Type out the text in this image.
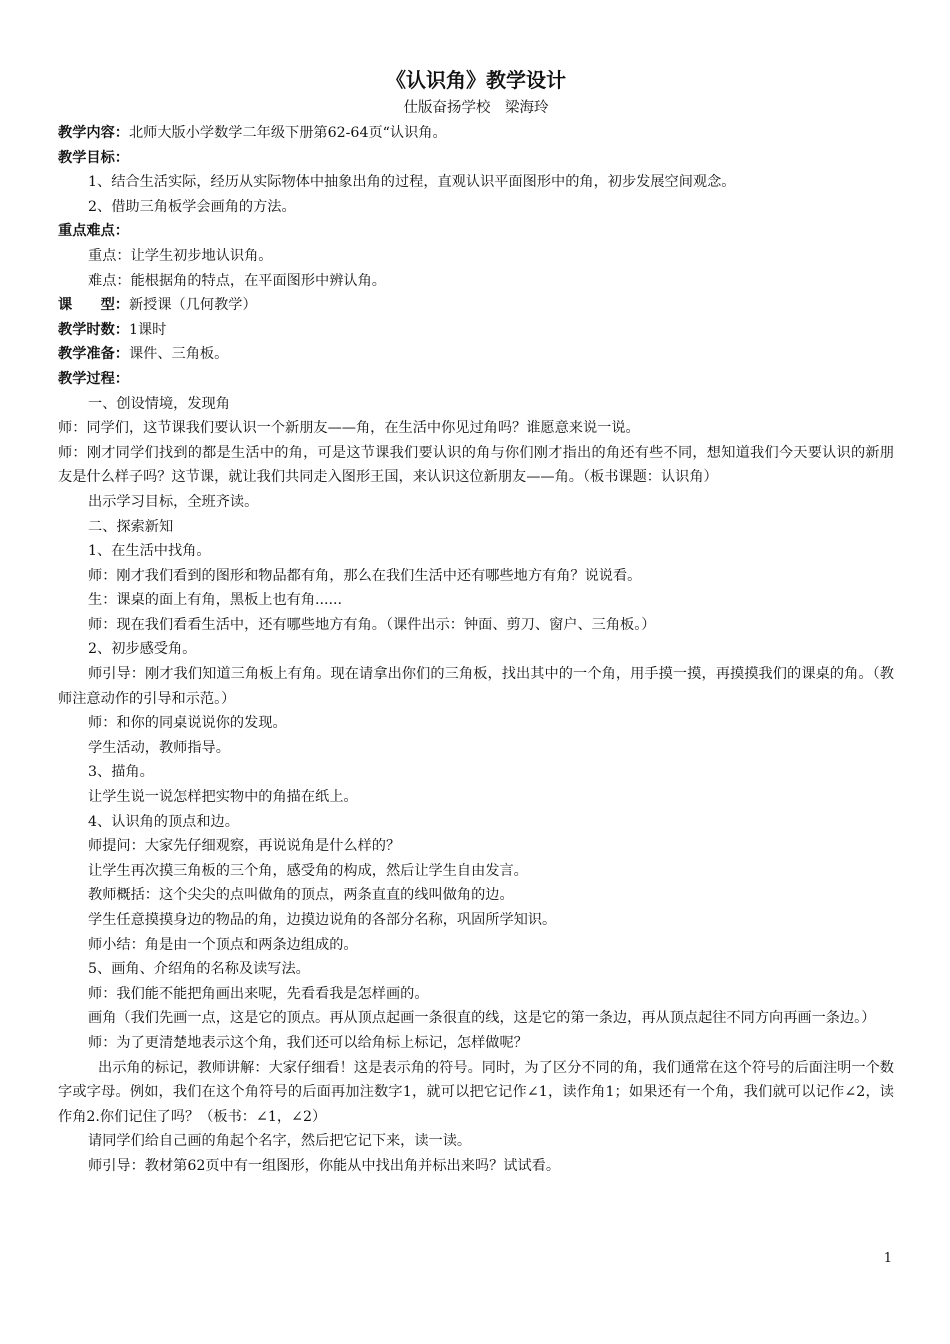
《认识角》教学设计
仕版奋扬学校　梁海玲
教学内容：北师大版小学数学二年级下册第62-64页“认识角。
教学目标：
1、结合生活实际，经历从实际物体中抽象出角的过程，直观认识平面图形中的角，初步发展空间观念。
2、借助三角板学会画角的方法。
重点难点：
重点：让学生初步地认识角。
难点：能根据角的特点，在平面图形中辨认角。
课　　型：新授课（几何教学）
教学时数：1课时
教学准备：课件、三角板。
教学过程：
一、创设情境，发现角
师：同学们，这节课我们要认识一个新朋友——角，在生活中你见过角吗？谁愿意来说一说。
师：刚才同学们找到的都是生活中的角，可是这节课我们要认识的角与你们刚才指出的角还有些不同，想知道我们今天要认识的新朋友是什么样子吗？这节课，就让我们共同走入图形王国，来认识这位新朋友——角。（板书课题：认识角）
出示学习目标，全班齐读。
二、探索新知
1、在生活中找角。
师：刚才我们看到的图形和物品都有角，那么在我们生活中还有哪些地方有角？说说看。
生：课桌的面上有角，黑板上也有角......
师：现在我们看看生活中，还有哪些地方有角。（课件出示：钟面、剪刀、窗户、三角板。）
2、初步感受角。
师引导：刚才我们知道三角板上有角。现在请拿出你们的三角板，找出其中的一个角，用手摸一摸，再摸摸我们的课桌的角。（教师注意动作的引导和示范。）
师：和你的同桌说说你的发现。
学生活动，教师指导。
3、描角。
让学生说一说怎样把实物中的角描在纸上。
4、认识角的顶点和边。
师提问：大家先仔细观察，再说说角是什么样的？
让学生再次摸三角板的三个角，感受角的构成，然后让学生自由发言。
教师概括：这个尖尖的点叫做角的顶点，两条直直的线叫做角的边。
学生任意摸摸身边的物品的角，边摸边说角的各部分名称，巩固所学知识。
师小结：角是由一个顶点和两条边组成的。
5、画角、介绍角的名称及读写法。
师：我们能不能把角画出来呢，先看看我是怎样画的。
画角（我们先画一点，这是它的顶点。再从顶点起画一条很直的线，这是它的第一条边，再从顶点起往不同方向再画一条边。）
师：为了更清楚地表示这个角，我们还可以给角标上标记，怎样做呢？
出示角的标记，教师讲解：大家仔细看！这是表示角的符号。同时，为了区分不同的角，我们通常在这个符号的后面注明一个数字或字母。例如，我们在这个角符号的后面再加注数字1，就可以把它记作∠1，读作角1；如果还有一个角，我们就可以记作∠2，读作角2.你们记住了吗？（板书：∠1，∠2）
请同学们给自己画的角起个名字，然后把它记下来，读一读。
师引导：教材第62页中有一组图形，你能从中找出角并标出来吗？试试看。
1
